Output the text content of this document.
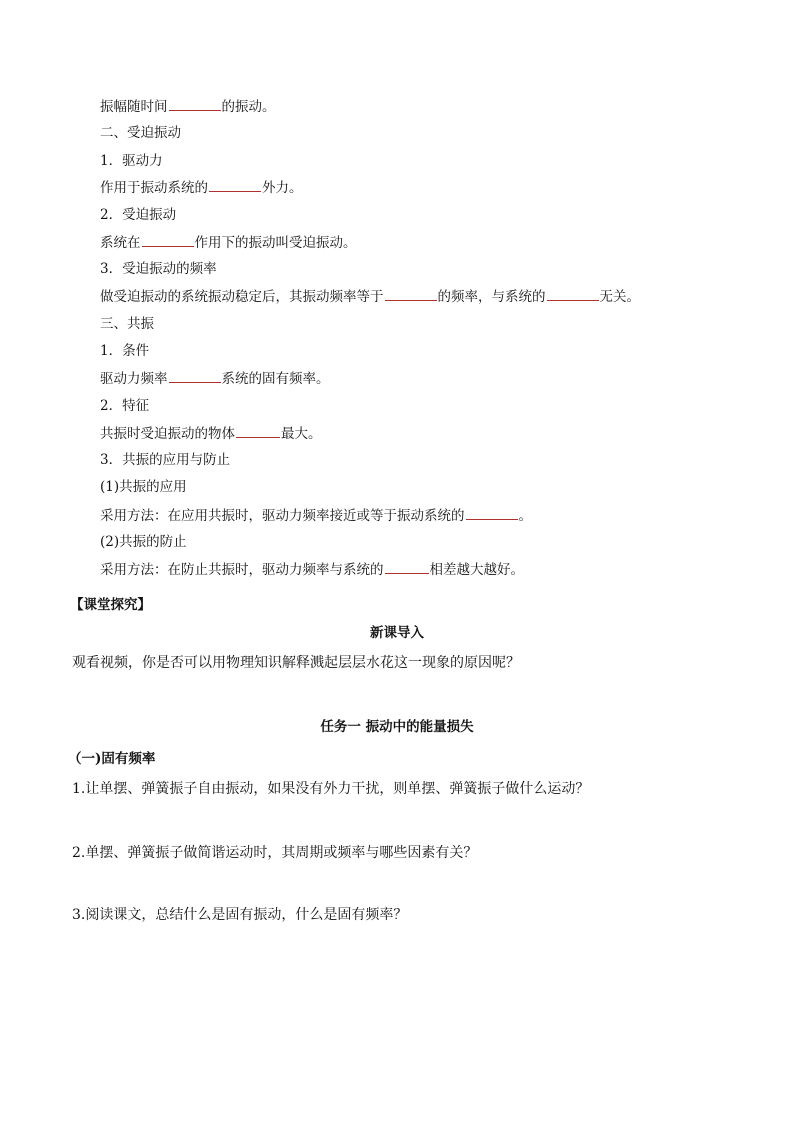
振幅随时间	的振动。
二、受迫振动
1．驱动力
作用于振动系统的	外力。
2．受迫振动
系统在	作用下的振动叫受迫振动。
3．受迫振动的频率
做受迫振动的系统振动稳定后，其振动频率等于	的频率，与系统的	无关。
三、共振
1．条件
驱动力频率	系统的固有频率。
2．特征
共振时受迫振动的物体	最大。
3．共振的应用与防止
(1)共振的应用
采用方法：在应用共振时，驱动力频率接近或等于振动系统的	。
(2)共振的防止
采用方法：在防止共振时，驱动力频率与系统的	相差越大越好。
【课堂探究】
新课导入
观看视频，你是否可以用物理知识解释溅起层层水花这一现象的原因呢？
任务一 振动中的能量损失
（一)固有频率
1.让单摆、弹簧振子自由振动，如果没有外力干扰，则单摆、弹簧振子做什么运动？
2.单摆、弹簧振子做简谐运动时，其周期或频率与哪些因素有关？
3.阅读课文，总结什么是固有振动，什么是固有频率？
